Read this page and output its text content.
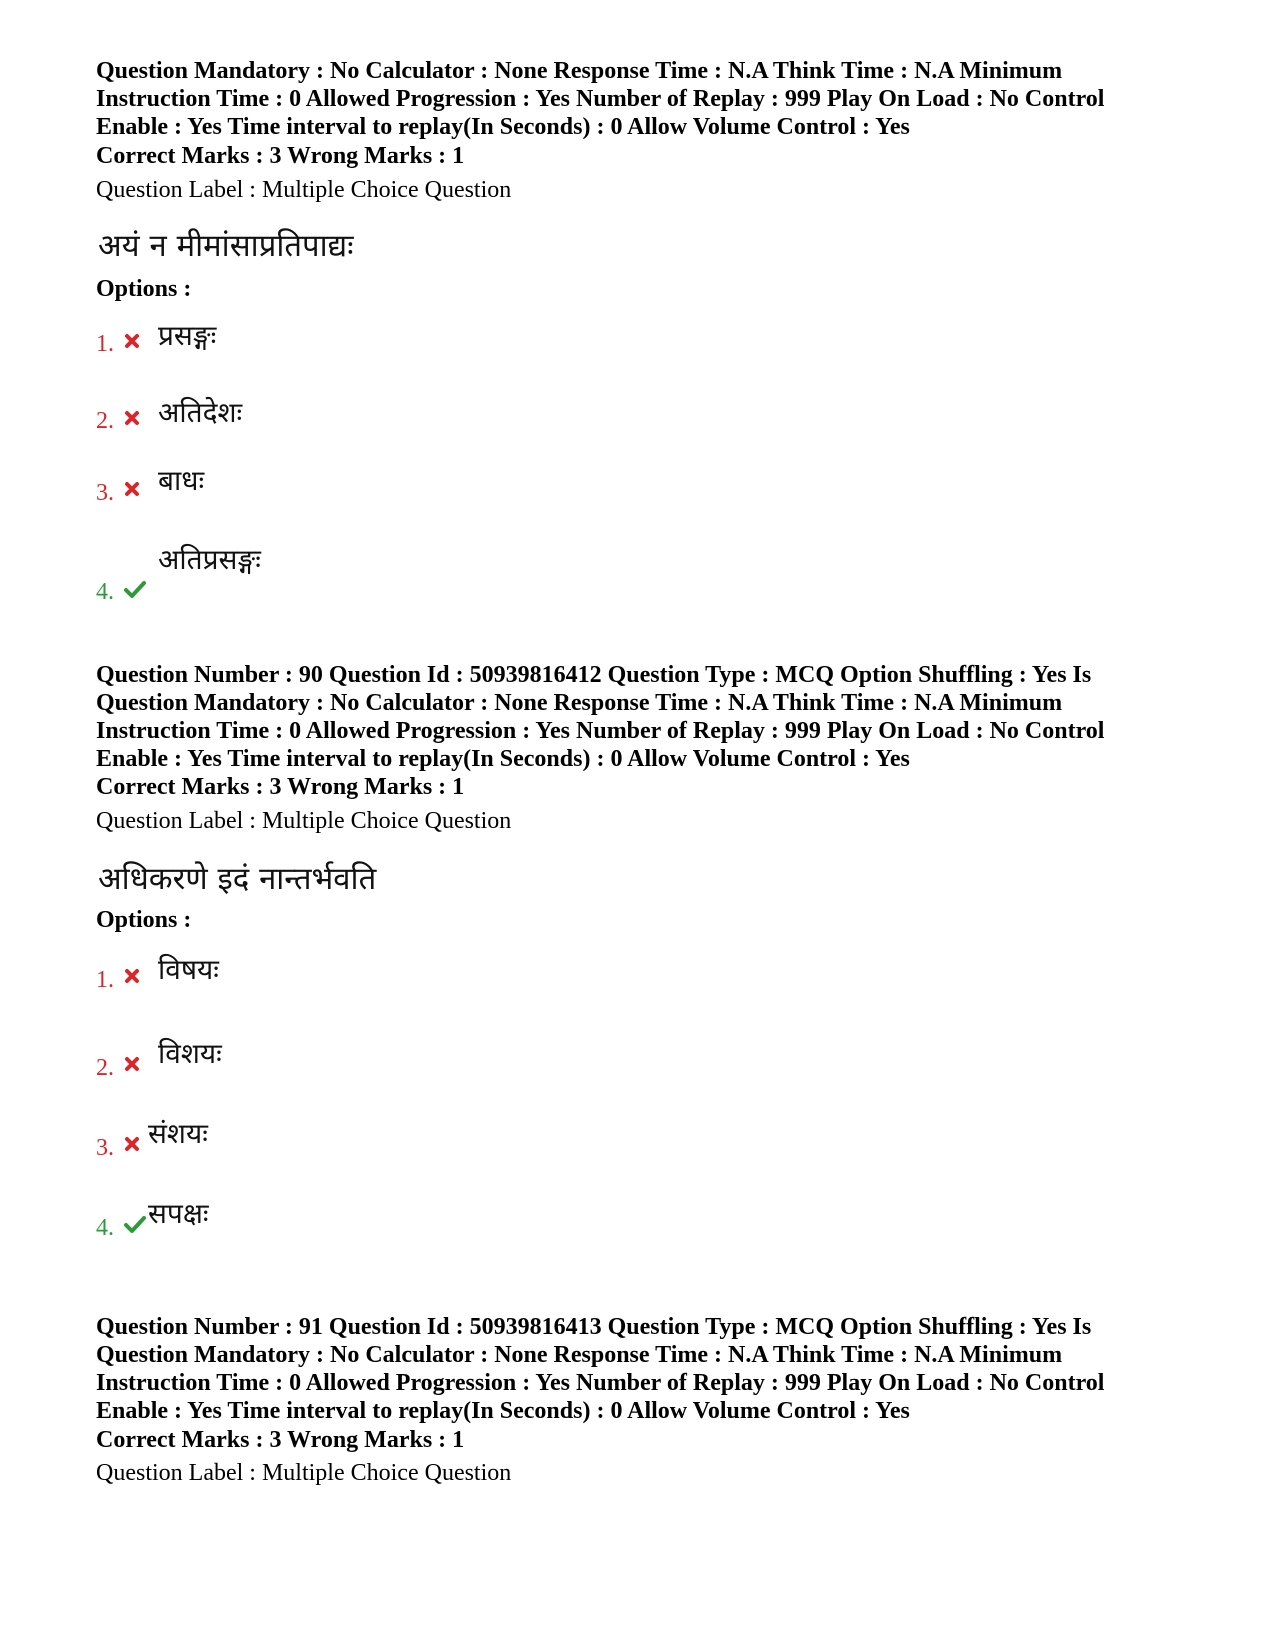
Question Mandatory : No Calculator : None Response Time : N.A Think Time : N.A Minimum
Instruction Time : 0 Allowed Progression : Yes Number of Replay : 999 Play On Load : No Control
Enable : Yes Time interval to replay(In Seconds) : 0 Allow Volume Control : Yes
Correct Marks : 3 Wrong Marks : 1
Question Label : Multiple Choice Question
अयं न मीमांसाप्रतिपाद्यः
Options :
1. प्रसङ्गः
2. अतिदेशः
3. बाधः
4.
अतिप्रसङ्गः
Question Number : 90 Question Id : 50939816412 Question Type : MCQ Option Shuffling : Yes Is
Question Mandatory : No Calculator : None Response Time : N.A Think Time : N.A Minimum
Instruction Time : 0 Allowed Progression : Yes Number of Replay : 999 Play On Load : No Control
Enable : Yes Time interval to replay(In Seconds) : 0 Allow Volume Control : Yes
Correct Marks : 3 Wrong Marks : 1
Question Label : Multiple Choice Question
अधिकरणे इदं नान्तर्भवति
Options :
1. विषयः
2. विशयः
3. संशयः
4. सपक्षः
Question Number : 91 Question Id : 50939816413 Question Type : MCQ Option Shuffling : Yes Is
Question Mandatory : No Calculator : None Response Time : N.A Think Time : N.A Minimum
Instruction Time : 0 Allowed Progression : Yes Number of Replay : 999 Play On Load : No Control
Enable : Yes Time interval to replay(In Seconds) : 0 Allow Volume Control : Yes
Correct Marks : 3 Wrong Marks : 1
Question Label : Multiple Choice Question
